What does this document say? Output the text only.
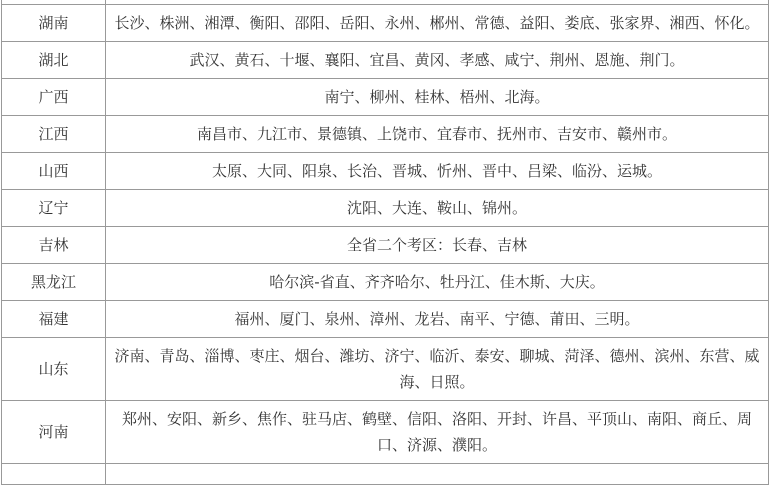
湖南	长沙、株洲、湘潭、衡阳、邵阳、岳阳、永州、郴州、常德、益阳、娄底、张家界、湘西、怀化。
湖北	武汉、黄石、十堰、襄阳、宜昌、黄冈、孝感、咸宁、荆州、恩施、荆门。
广西	南宁、柳州、桂林、梧州、北海。
江西	南昌市、九江市、景德镇、上饶市、宜春市、抚州市、吉安市、赣州市。
山西	太原、大同、阳泉、长治、晋城、忻州、晋中、吕梁、临汾、运城。
辽宁	沈阳、大连、鞍山、锦州。
吉林	全省二个考区：长春、吉林
黑龙江	哈尔滨-省直、齐齐哈尔、牡丹江、佳木斯、大庆。
福建	福州、厦门、泉州、漳州、龙岩、南平、宁德、莆田、三明。
山东	济南、青岛、淄博、枣庄、烟台、潍坊、济宁、临沂、泰安、聊城、菏泽、德州、滨州、东营、威海、日照。
河南	郑州、安阳、新乡、焦作、驻马店、鹤壁、信阳、洛阳、开封、许昌、平顶山、南阳、商丘、周口、济源、濮阳。
